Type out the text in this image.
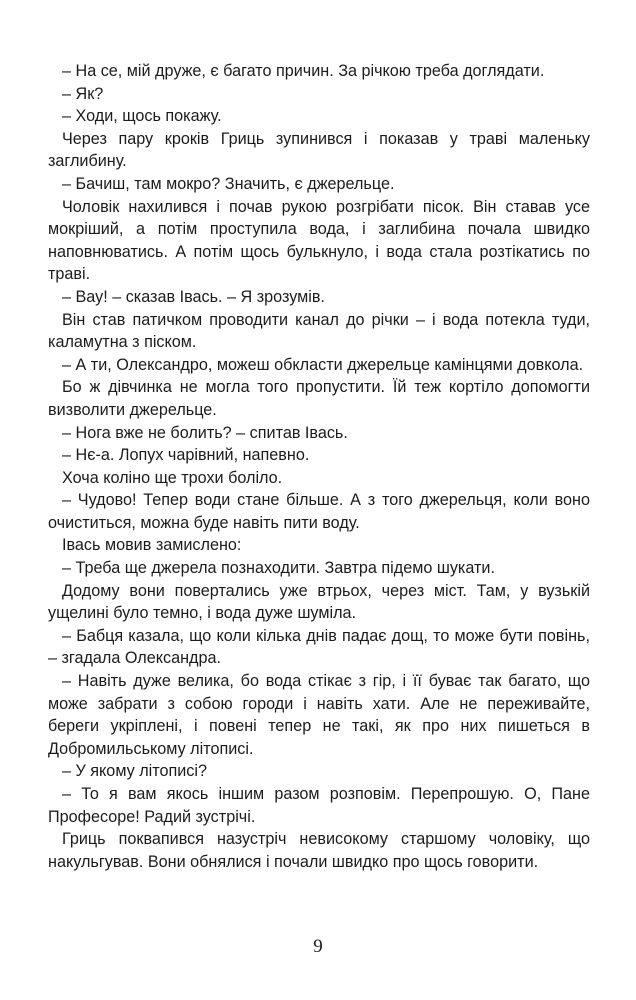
– На се, мій друже, є багато причин. За річкою треба доглядати.

– Як?

– Ходи, щось покажу.

Через пару кроків Гриць зупинився і показав у траві маленьку заглибину.

– Бачиш, там мокро? Значить, є джерельце.

Чоловік нахилився і почав рукою розгрібати пісок. Він ставав усе мокріший, а потім проступила вода, і заглибина почала швидко наповнюватись. А потім щось булькнуло, і вода стала розтікатись по траві.

– Вау! – сказав Івась. – Я зрозумів.

Він став патичком проводити канал до річки – і вода потекла туди, каламутна з піском.

– А ти, Олександро, можеш обкласти джерельце камінцями довкола.

Бо ж дівчинка не могла того пропустити. Їй теж кортіло допомогти визволити джерельце.

– Нога вже не болить? – спитав Івась.

– Нє-а. Лопух чарівний, напевно.

Хоча коліно ще трохи боліло.

– Чудово! Тепер води стане більше. А з того джерельця, коли воно очиститься, можна буде навіть пити воду.

Івась мовив замислено:

– Треба ще джерела познаходити. Завтра підемо шукати.

Додому вони повертались уже втрьох, через міст. Там, у вузькій ущелині було темно, і вода дуже шуміла.

– Бабця казала, що коли кілька днів падає дощ, то може бути повінь, – згадала Олександра.

– Навіть дуже велика, бо вода стікає з гір, і її буває так багато, що може забрати з собою городи і навіть хати. Але не переживайте, береги укріплені, і повені тепер не такі, як про них пишеться в Добромильському літописі.

– У якому літописі?

– То я вам якось іншим разом розповім. Перепрошую. О, Пане Професоре! Радий зустрічі.

Гриць поквапився назустріч невисокому старшому чоловіку, що накульгував. Вони обнялися і почали швидко про щось говорити.

9
